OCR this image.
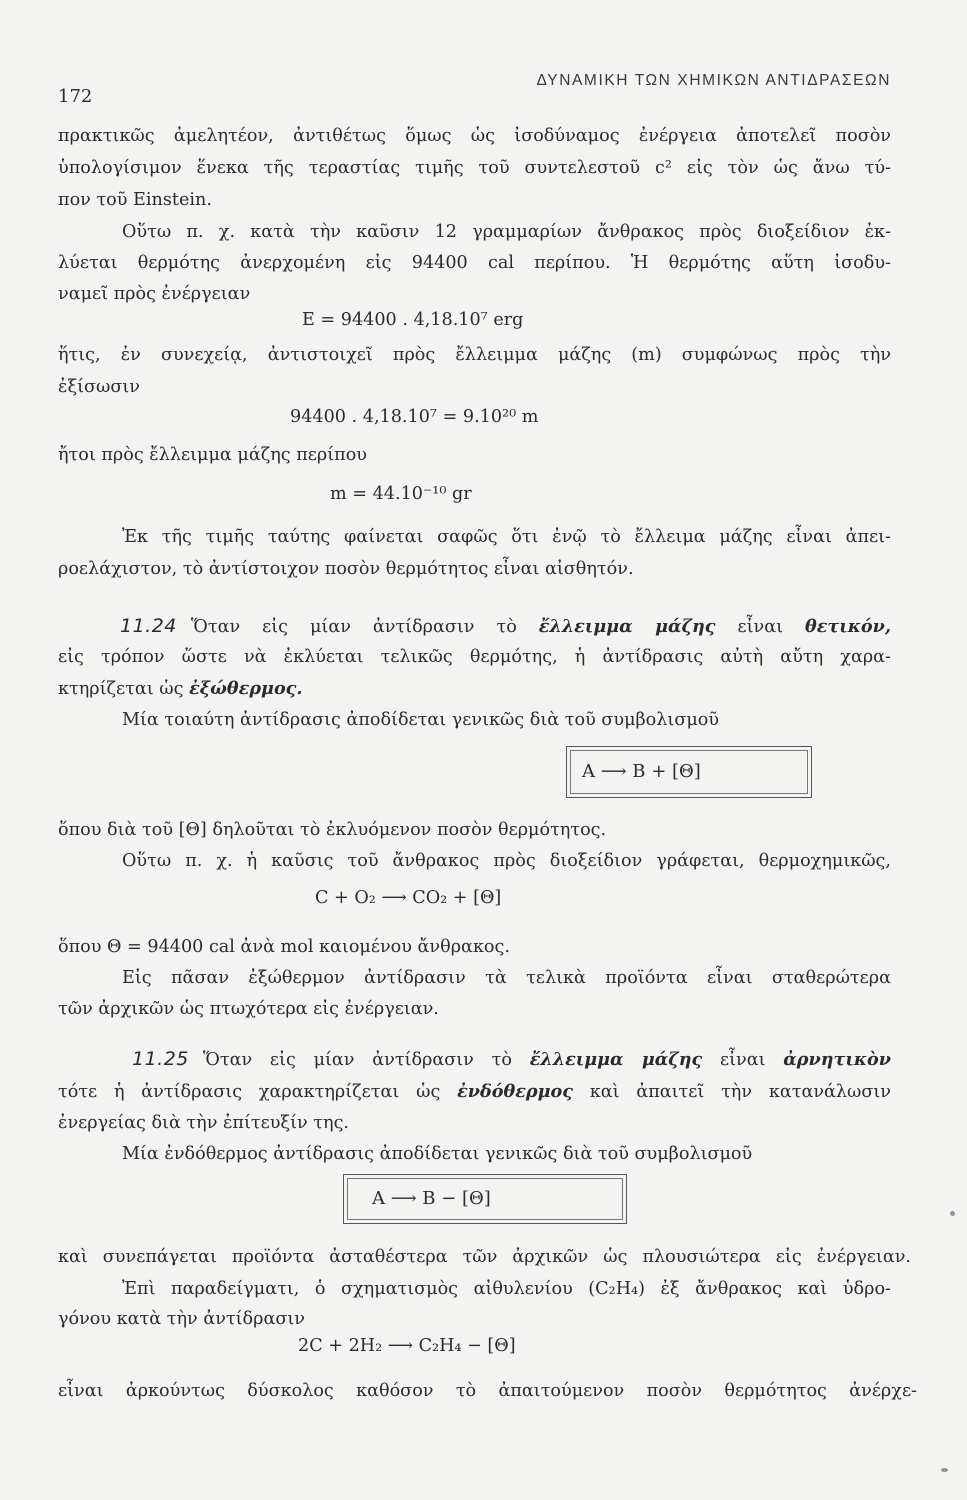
172
ΔΥΝΑΜΙΚΗ ΤΩΝ ΧΗΜΙΚΩΝ ΑΝΤΙΔΡΑΣΕΩΝ
πρακτικῶς ἀμελητέον, ἀντιθέτως ὅμως ὡς ἰσοδύναμος ἐνέργεια ἀποτελεῖ ποσὸν
ὑπολογίσιμον ἕνεκα τῆς τεραστίας τιμῆς τοῦ συντελεστοῦ c² εἰς τὸν ὡς ἄνω τύ-
πον τοῦ Einstein.
Οὕτω π. χ. κατὰ τὴν καῦσιν 12 γραμμαρίων ἄνθρακος πρὸς διοξείδιον ἐκ-
λύεται θερμότης ἀνερχομένη εἰς 94400 cal περίπου. Ἡ θερμότης αὕτη ἰσοδυ-
ναμεῖ πρὸς ἐνέργειαν
E = 94400 . 4,18.10⁷ erg
ἥτις, ἐν συνεχείᾳ, ἀντιστοιχεῖ πρὸς ἔλλειμμα μάζης (m) συμφώνως πρὸς τὴν
ἐξίσωσιν
94400 . 4,18.10⁷ = 9.10²⁰ m
ἤτοι πρὸς ἔλλειμμα μάζης περίπου
m = 44.10⁻¹⁰ gr
Ἐκ τῆς τιμῆς ταύτης φαίνεται σαφῶς ὅτι ἐνῷ τὸ ἔλλειμα μάζης εἶναι ἀπει-
ροελάχιστον, τὸ ἀντίστοιχον ποσὸν θερμότητος εἶναι αἰσθητόν.
11.24 Ὅταν εἰς μίαν ἀντίδρασιν τὸ ἔλλειμμα μάζης εἶναι θετικόν,
εἰς τρόπον ὥστε νὰ ἐκλύεται τελικῶς θερμότης, ἡ ἀντίδρασις αὐτὴ αὔτη χαρα-
κτηρίζεται ὡς ἐξώθερμος.
Μία τοιαύτη ἀντίδρασις ἀποδίδεται γενικῶς διὰ τοῦ συμβολισμοῦ
A ⟶ B + [Θ]
ὅπου διὰ τοῦ [Θ] δηλοῦται τὸ ἐκλυόμενον ποσὸν θερμότητος.
Οὕτω π. χ. ἡ καῦσις τοῦ ἄνθρακος πρὸς διοξείδιον γράφεται, θερμοχημικῶς,
C + O₂ ⟶ CO₂ + [Θ]
ὅπου Θ = 94400 cal ἀνὰ mol καιομένου ἄνθρακος.
Εἰς πᾶσαν ἐξώθερμον ἀντίδρασιν τὰ τελικὰ προϊόντα εἶναι σταθερώτερα
τῶν ἀρχικῶν ὡς πτωχότερα εἰς ἐνέργειαν.
11.25 Ὅταν εἰς μίαν ἀντίδρασιν τὸ ἔλλειμμα μάζης εἶναι ἀρνητικὸν
τότε ἡ ἀντίδρασις χαρακτηρίζεται ὡς ἐνδόθερμος καὶ ἀπαιτεῖ τὴν κατανάλωσιν
ἐνεργείας διὰ τὴν ἐπίτευξίν της.
Μία ἐνδόθερμος ἀντίδρασις ἀποδίδεται γενικῶς διὰ τοῦ συμβολισμοῦ
A ⟶ B − [Θ]
καὶ συνεπάγεται προϊόντα ἀσταθέστερα τῶν ἀρχικῶν ὡς πλουσιώτερα εἰς ἐνέργειαν.
Ἐπὶ παραδείγματι, ὁ σχηματισμὸς αἰθυλενίου (C₂H₄) ἐξ ἄνθρακος καὶ ὑδρο-
γόνου κατὰ τὴν ἀντίδρασιν
2C + 2H₂ ⟶ C₂H₄ − [Θ]
εἶναι ἀρκούντως δύσκολος καθόσον τὸ ἀπαιτούμενον ποσὸν θερμότητος ἀνέρχε-
